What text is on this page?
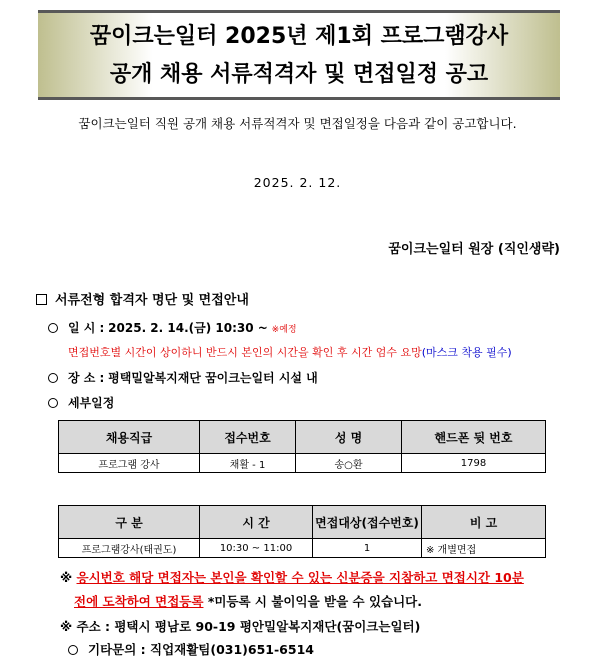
꿈이크는일터 2025년 제1회 프로그램강사
공개 채용 서류적격자 및 면접일정 공고
꿈이크는일터 직원 공개 채용 서류적격자 및 면접일정을 다음과 같이 공고합니다.
2025. 2. 12.
꿈이크는일터 원장 (직인생략)
서류전형 합격자 명단 및 면접안내
일 시 : 2025. 2. 14.(금) 10:30 ~ ※예정
면접번호별 시간이 상이하니 반드시 본인의 시간을 확인 후 시간 엄수 요망(마스크 착용 필수)
장 소 : 평택밀알복지재단 꿈이크는일터 시설 내
세부일정
채용직급	접수번호	성 명	핸드폰 뒷 번호
프로그램 강사	채활 - 1	송○환	1798
구 분	시 간	면접대상(접수번호)	비 고
프로그램강사(태권도)	10:30 ~ 11:00	1	※ 개별면접
※ 응시번호 해당 면접자는 본인을 확인할 수 있는 신분증을 지참하고 면접시간 10분
전에 도착하여 면접등록 *미등록 시 불이익을 받을 수 있습니다.
※ 주소 : 평택시 평남로 90-19 평안밀알복지재단(꿈이크는일터)
기타문의 : 직업재활팀(031)651-6514
